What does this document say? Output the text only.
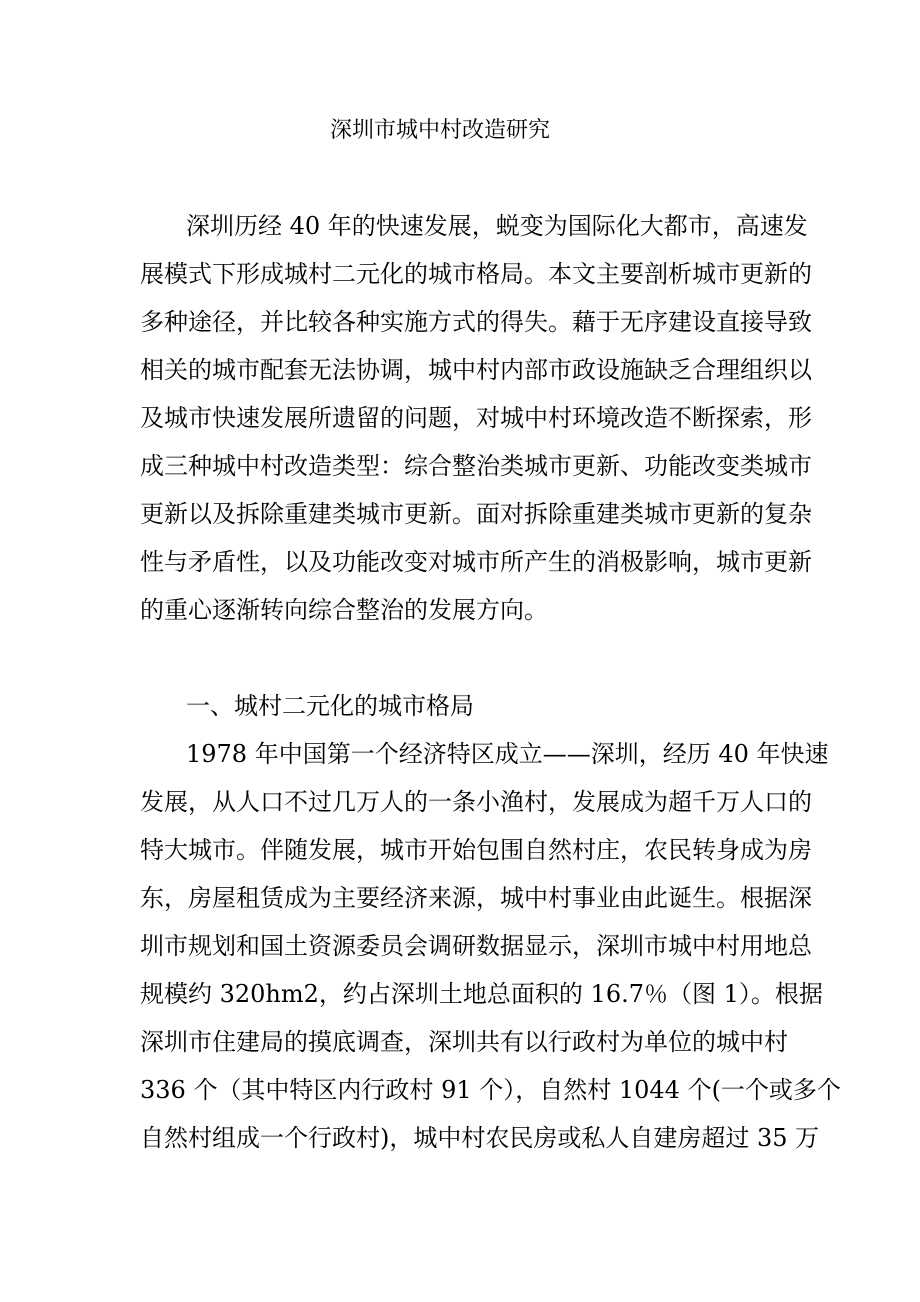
深圳市城中村改造研究
深圳历经 40 年的快速发展，蜕变为国际化大都市，高速发
展模式下形成城村二元化的城市格局。本文主要剖析城市更新的
多种途径，并比较各种实施方式的得失。藉于无序建设直接导致
相关的城市配套无法协调，城中村内部市政设施缺乏合理组织以
及城市快速发展所遗留的问题，对城中村环境改造不断探索，形
成三种城中村改造类型：综合整治类城市更新、功能改变类城市
更新以及拆除重建类城市更新。面对拆除重建类城市更新的复杂
性与矛盾性，以及功能改变对城市所产生的消极影响，城市更新
的重心逐渐转向综合整治的发展方向。
一、城村二元化的城市格局
1978 年中国第一个经济特区成立——深圳，经历 40 年快速
发展，从人口不过几万人的一条小渔村，发展成为超千万人口的
特大城市。伴随发展，城市开始包围自然村庄，农民转身成为房
东，房屋租赁成为主要经济来源，城中村事业由此诞生。根据深
圳市规划和国土资源委员会调研数据显示，深圳市城中村用地总
规模约 320hm2，约占深圳土地总面积的 16.7％（图 1）。根据
深圳市住建局的摸底调查，深圳共有以行政村为单位的城中村
336 个（其中特区内行政村 91 个），自然村 1044 个(一个或多个
自然村组成一个行政村)，城中村农民房或私人自建房超过 35 万
